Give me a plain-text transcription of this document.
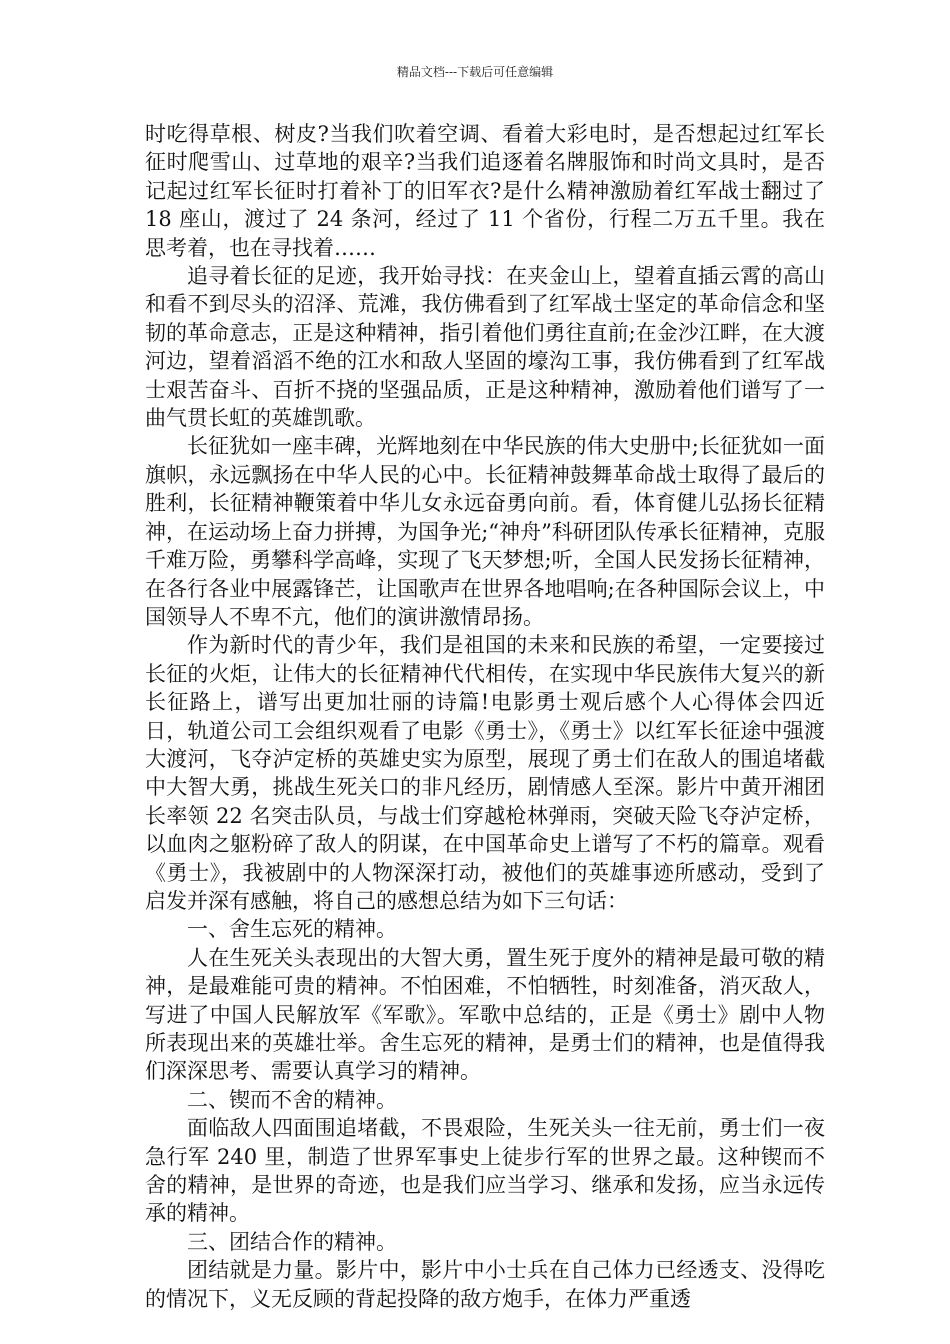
精品文档---下载后可任意编辑

时吃得草根、树皮?当我们吹着空调、看着大彩电时，是否想起过红军长征时爬雪山、过草地的艰辛?当我们追逐着名牌服饰和时尚文具时，是否记起过红军长征时打着补丁的旧军衣?是什么精神激励着红军战士翻过了 18 座山，渡过了 24 条河，经过了 11 个省份，行程二万五千里。我在思考着，也在寻找着……

追寻着长征的足迹，我开始寻找：在夹金山上，望着直插云霄的高山和看不到尽头的沼泽、荒滩，我仿佛看到了红军战士坚定的革命信念和坚韧的革命意志，正是这种精神，指引着他们勇往直前;在金沙江畔，在大渡河边，望着滔滔不绝的江水和敌人坚固的壕沟工事，我仿佛看到了红军战士艰苦奋斗、百折不挠的坚强品质，正是这种精神，激励着他们谱写了一曲气贯长虹的英雄凯歌。

长征犹如一座丰碑，光辉地刻在中华民族的伟大史册中;长征犹如一面旗帜，永远飘扬在中华人民的心中。长征精神鼓舞革命战士取得了最后的胜利，长征精神鞭策着中华儿女永远奋勇向前。看，体育健儿弘扬长征精神，在运动场上奋力拼搏，为国争光;“神舟”科研团队传承长征精神，克服千难万险，勇攀科学高峰，实现了飞天梦想;听，全国人民发扬长征精神，在各行各业中展露锋芒，让国歌声在世界各地唱响;在各种国际会议上，中国领导人不卑不亢，他们的演讲激情昂扬。

作为新时代的青少年，我们是祖国的未来和民族的希望，一定要接过长征的火炬，让伟大的长征精神代代相传，在实现中华民族伟大复兴的新长征路上，谱写出更加壮丽的诗篇!电影勇士观后感个人心得体会四近日，轨道公司工会组织观看了电影《勇士》，《勇士》以红军长征途中强渡大渡河，飞夺泸定桥的英雄史实为原型，展现了勇士们在敌人的围追堵截中大智大勇，挑战生死关口的非凡经历，剧情感人至深。影片中黄开湘团长率领 22 名突击队员，与战士们穿越枪林弹雨，突破天险飞夺泸定桥，以血肉之躯粉碎了敌人的阴谋，在中国革命史上谱写了不朽的篇章。观看《勇士》，我被剧中的人物深深打动，被他们的英雄事迹所感动，受到了启发并深有感触，将自己的感想总结为如下三句话：

一、舍生忘死的精神。

人在生死关头表现出的大智大勇，置生死于度外的精神是最可敬的精神，是最难能可贵的精神。不怕困难，不怕牺牲，时刻准备，消灭敌人，写进了中国人民解放军《军歌》。军歌中总结的，正是《勇士》剧中人物所表现出来的英雄壮举。舍生忘死的精神，是勇士们的精神，也是值得我们深深思考、需要认真学习的精神。

二、锲而不舍的精神。

面临敌人四面围追堵截，不畏艰险，生死关头一往无前，勇士们一夜急行军 240 里，制造了世界军事史上徒步行军的世界之最。这种锲而不舍的精神，是世界的奇迹，也是我们应当学习、继承和发扬，应当永远传承的精神。

三、团结合作的精神。

团结就是力量。影片中，影片中小士兵在自己体力已经透支、没得吃的情况下，义无反顾的背起投降的敌方炮手，在体力严重透
